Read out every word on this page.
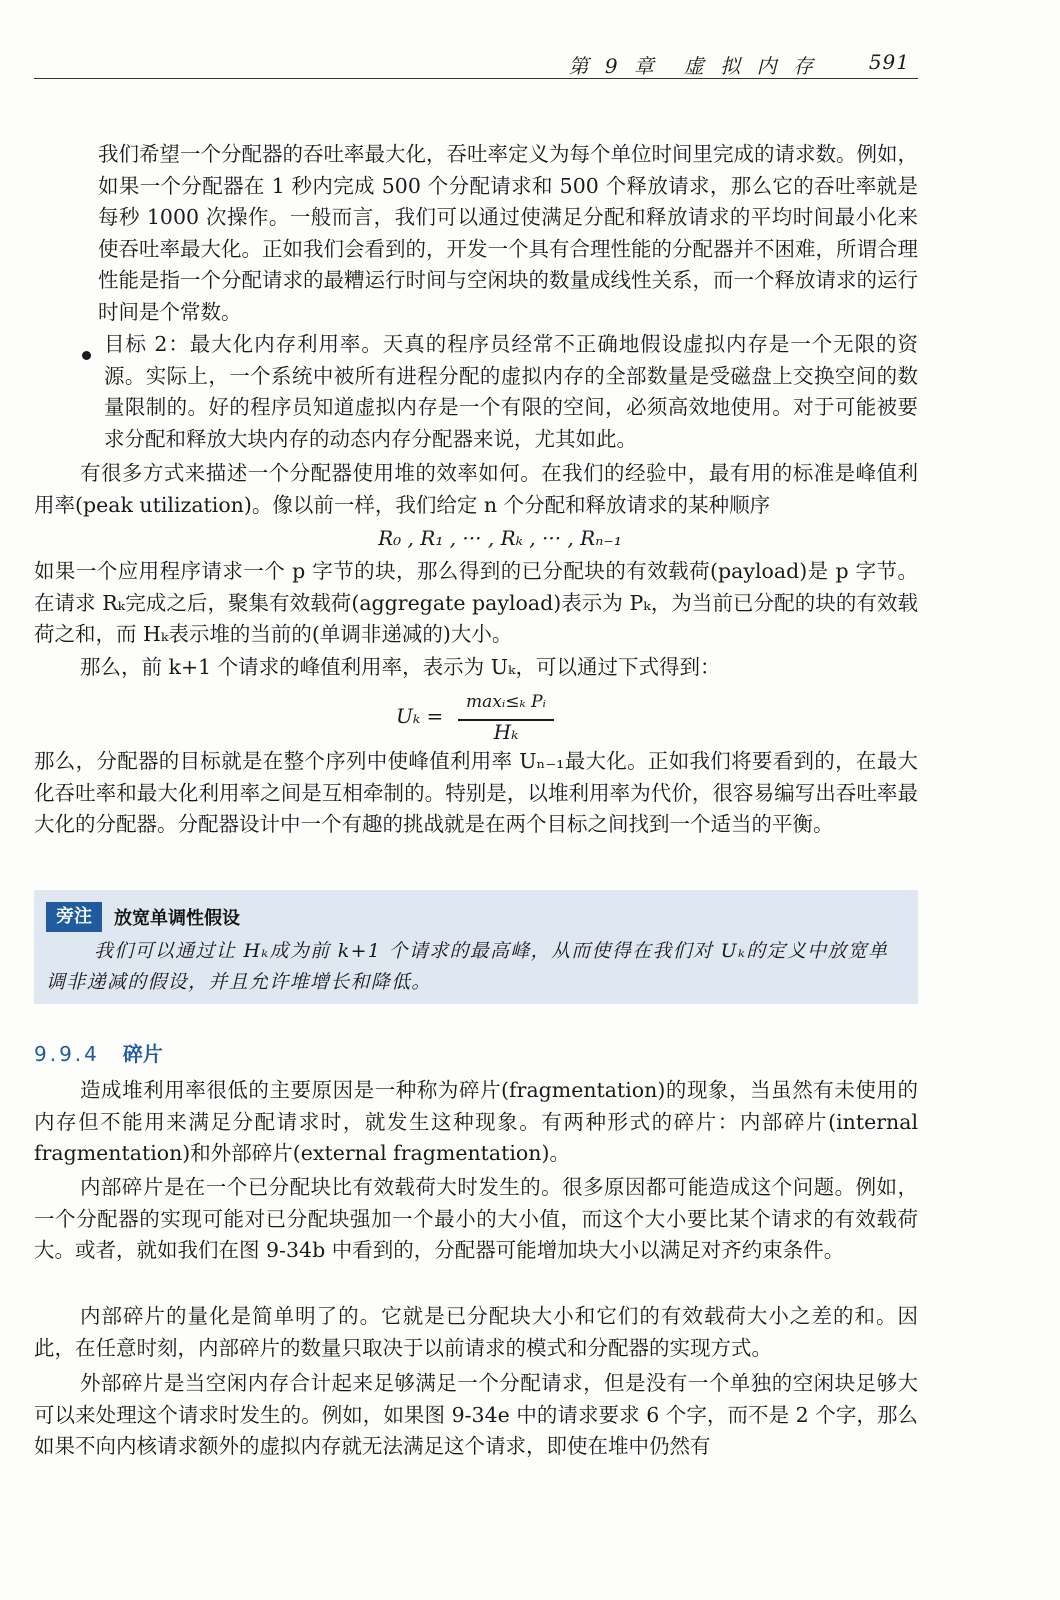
第 9 章　虚 拟 内 存	591

我们希望一个分配器的吞吐率最大化，吞吐率定义为每个单位时间里完成的请求数。例如，如果一个分配器在 1 秒内完成 500 个分配请求和 500 个释放请求，那么它的吞吐率就是每秒 1000 次操作。一般而言，我们可以通过使满足分配和释放请求的平均时间最小化来使吞吐率最大化。正如我们会看到的，开发一个具有合理性能的分配器并不困难，所谓合理性能是指一个分配请求的最糟运行时间与空闲块的数量成线性关系，而一个释放请求的运行时间是个常数。

目标 2：最大化内存利用率。天真的程序员经常不正确地假设虚拟内存是一个无限的资源。实际上，一个系统中被所有进程分配的虚拟内存的全部数量是受磁盘上交换空间的数量限制的。好的程序员知道虚拟内存是一个有限的空间，必须高效地使用。对于可能被要求分配和释放大块内存的动态内存分配器来说，尤其如此。

有很多方式来描述一个分配器使用堆的效率如何。在我们的经验中，最有用的标准是峰值利用率(peak utilization)。像以前一样，我们给定 n 个分配和释放请求的某种顺序

R₀ , R₁ , ··· , Rₖ , ··· , Rₙ₋₁

如果一个应用程序请求一个 p 字节的块，那么得到的已分配块的有效载荷(payload)是 p 字节。在请求 Rₖ完成之后，聚集有效载荷(aggregate payload)表示为 Pₖ，为当前已分配的块的有效载荷之和，而 Hₖ表示堆的当前的(单调非递减的)大小。

那么，前 k+1 个请求的峰值利用率，表示为 Uₖ，可以通过下式得到：

Uₖ =
maxᵢ≤ₖ Pᵢ
Hₖ

那么，分配器的目标就是在整个序列中使峰值利用率 Uₙ₋₁最大化。正如我们将要看到的，在最大化吞吐率和最大化利用率之间是互相牵制的。特别是，以堆利用率为代价，很容易编写出吞吐率最大化的分配器。分配器设计中一个有趣的挑战就是在两个目标之间找到一个适当的平衡。

旁注	放宽单调性假设

我们可以通过让 Hₖ成为前 k+1 个请求的最高峰，从而使得在我们对 Uₖ的定义中放宽单调非递减的假设，并且允许堆增长和降低。

9.9.4 碎片

造成堆利用率很低的主要原因是一种称为碎片(fragmentation)的现象，当虽然有未使用的内存但不能用来满足分配请求时，就发生这种现象。有两种形式的碎片：内部碎片(internal fragmentation)和外部碎片(external fragmentation)。

内部碎片是在一个已分配块比有效载荷大时发生的。很多原因都可能造成这个问题。例如，一个分配器的实现可能对已分配块强加一个最小的大小值，而这个大小要比某个请求的有效载荷大。或者，就如我们在图 9-34b 中看到的，分配器可能增加块大小以满足对齐约束条件。

内部碎片的量化是简单明了的。它就是已分配块大小和它们的有效载荷大小之差的和。因此，在任意时刻，内部碎片的数量只取决于以前请求的模式和分配器的实现方式。

外部碎片是当空闲内存合计起来足够满足一个分配请求，但是没有一个单独的空闲块足够大可以来处理这个请求时发生的。例如，如果图 9-34e 中的请求要求 6 个字，而不是 2 个字，那么如果不向内核请求额外的虚拟内存就无法满足这个请求，即使在堆中仍然有
